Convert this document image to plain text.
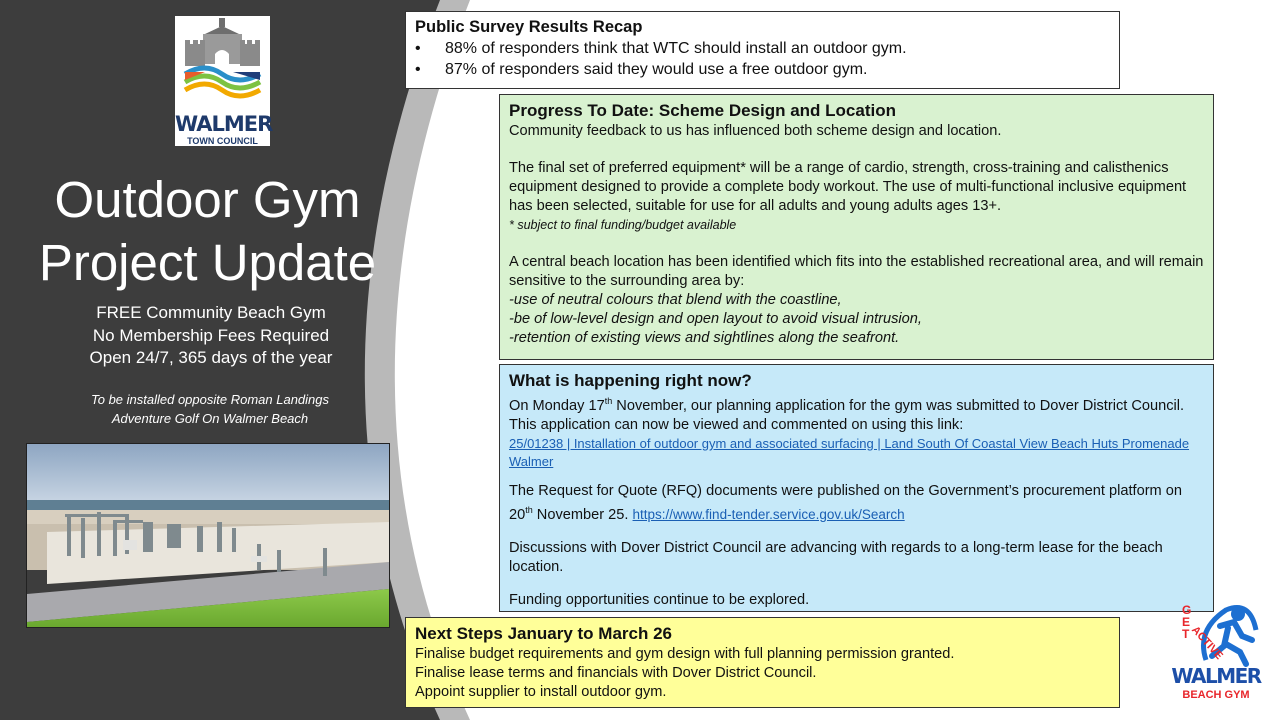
WALMER
TOWN COUNCIL
Outdoor Gym
Project Update
FREE Community Beach Gym
No Membership Fees Required
Open 24/7, 365 days of the year
To be installed opposite Roman Landings
Adventure Golf On Walmer Beach
Public Survey Results Recap
• 88% of responders think that WTC should install an outdoor gym.
• 87% of responders said they would use a free outdoor gym.
Progress To Date: Scheme Design and Location

Community feedback to us has influenced both scheme design and location.

The final set of preferred equipment* will be a range of cardio, strength, cross-training and calisthenics equipment designed to provide a complete body workout. The use of multi-functional inclusive equipment has been selected, suitable for use for all adults and young adults ages 13+.

* subject to final funding/budget available

A central beach location has been identified which fits into the established recreational area, and will remain sensitive to the surrounding area by:

-use of neutral colours that blend with the coastline,

-be of low-level design and open layout to avoid visual intrusion,

-retention of existing views and sightlines along the seafront.

What is happening right now?

On Monday 17th November, our planning application for the gym was submitted to Dover District Council. This application can now be viewed and commented on using this link:

25/01238 | Installation of outdoor gym and associated surfacing | Land South Of Coastal View Beach Huts Promenade Walmer

The Request for Quote (RFQ) documents were published on the Government’s procurement platform on 20th November 25. https://www.find-tender.service.gov.uk/Search

Discussions with Dover District Council are advancing with regards to a long-term lease for the beach location.

Funding opportunities continue to be explored.

Next Steps January to March 26

Finalise budget requirements and gym design with full planning permission granted.

Finalise lease terms and financials with Dover District Council.

Appoint supplier to install outdoor gym.

GET ACTIVE
WALMER
BEACH GYM
